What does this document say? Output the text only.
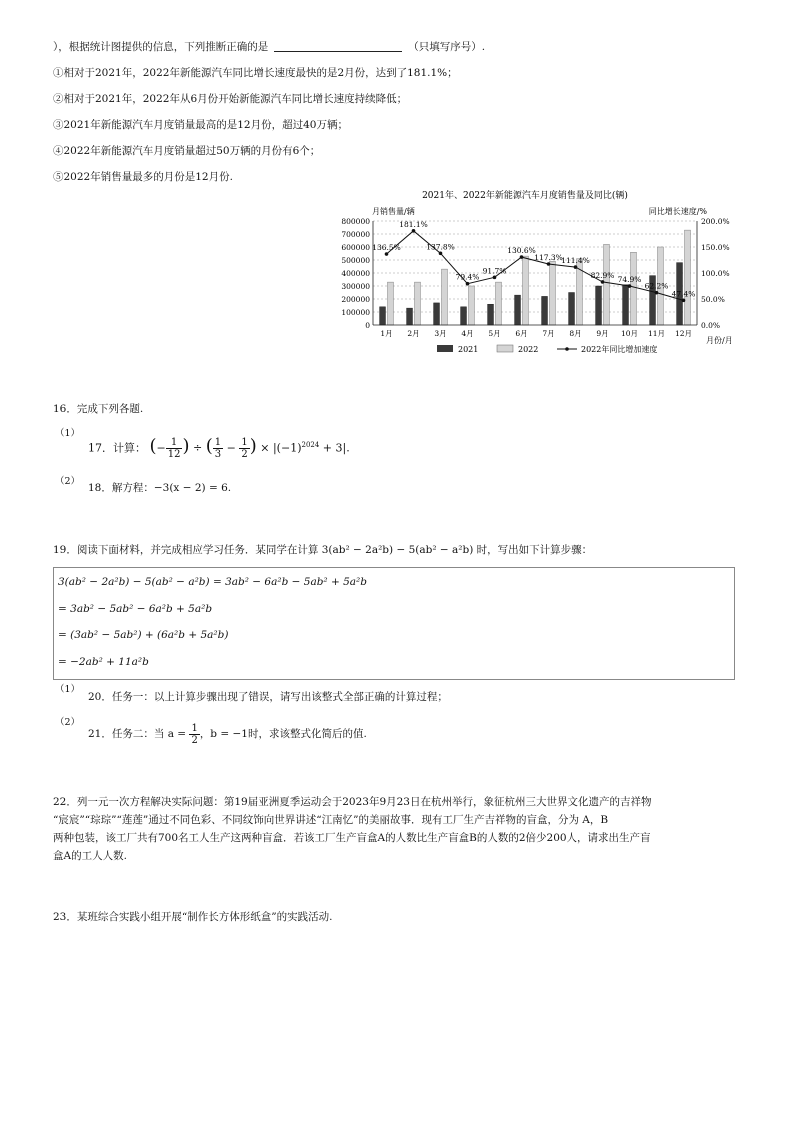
），根据统计图提供的信息，下列推断正确的是	（只填写序号）.
①相对于2021年，2022年新能源汽车同比增长速度最快的是2月份，达到了181.1%；
②相对于2021年，2022年从6月份开始新能源汽车同比增长速度持续降低；
③2021年新能源汽车月度销量最高的是12月份，超过40万辆；
④2022年新能源汽车月度销量超过50万辆的月份有6个；
⑤2022年销售量最多的月份是12月份.
2021年、2022年新能源汽车月度销售量及同比(辆)
月销售量/辆	同比增长速度/%
月份/月
136.5%
181.1%
137.8%
79.4%
91.7%
130.6%
117.3%
111.4%
82.9% 74.9%
62.2%
47.4%
0
100000
200000
300000
400000
500000
600000
700000
800000
0.0%
50.0%
100.0%
150.0%
200.0%
1月 2月 3月 4月 5月 6月 7月 8月 9月 10月 11月 12月
2021	2022	2022年同比增加速度
16．完成下列各题.
（1）
17．计算： (− $\frac{1}{12}$ ) ÷ ( $\frac{1}{3} - \frac{1}{2}$ ) × $|(-1)^{2024} + 3|$.
（2）
18．解方程：−3(x − 2) = 6.
19．阅读下面材料，并完成相应学习任务．某同学在计算 3(ab² − 2a²b) − 5(ab² − a²b) 时，写出如下计算步骤：
3(ab² − 2a²b) − 5(ab² − a²b) = 3ab² − 6a²b − 5ab² + 5a²b
= 3ab² − 5ab² − 6a²b + 5a²b
= (3ab² − 5ab²) + (6a²b + 5a²b)
= −2ab² + 11a²b
（1）
20．任务一：以上计算步骤出现了错误，请写出该整式全部正确的计算过程；
（2）
21．任务二：当 $a = \frac{1}{2}$ ，b = −1时，求该整式化简后的值.
22．列一元一次方程解决实际问题：第19届亚洲夏季运动会于2023年9月23日在杭州举行，象征杭州三大世界文化遗产的吉祥物
“宸宸”“琮琮”“莲莲”通过不同色彩、不同纹饰向世界讲述“江南忆”的美丽故事．现有工厂生产吉祥物的盲盒，分为 A，B
两种包装，该工厂共有700名工人生产这两种盲盒．若该工厂生产盲盒A的人数比生产盲盒B的人数的2倍少200人，请求出生产盲
盒A的工人人数.
23．某班综合实践小组开展“制作长方体形纸盒”的实践活动.
